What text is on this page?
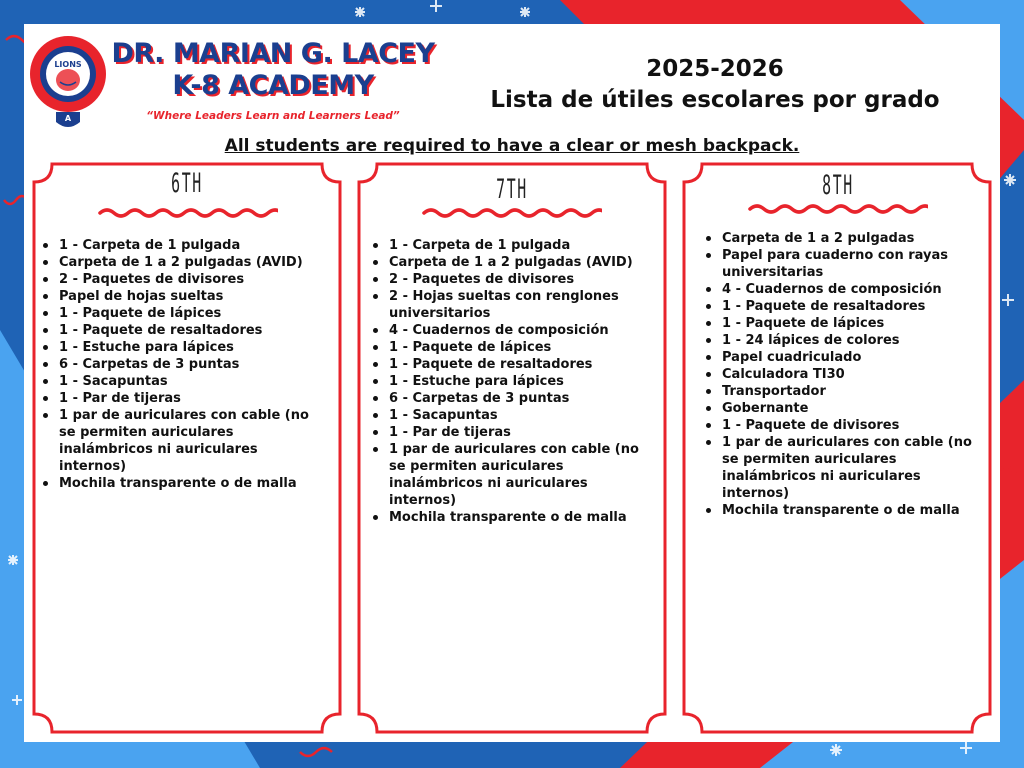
LIONS
A
DR. MARIAN G. LACEY
K-8 ACADEMY
“Where Leaders Learn and Learners Lead”
2025-2026
Lista de útiles escolares por grado
All students are required to have a clear or mesh backpack.
6TH	7TH	8TH
1 - Carpeta de 1 pulgada
Carpeta de 1 a 2 pulgadas (AVID)
2 - Paquetes de divisores
Papel de hojas sueltas
1 - Paquete de lápices
1 - Paquete de resaltadores
1 - Estuche para lápices
6 - Carpetas de 3 puntas
1 - Sacapuntas
1 - Par de tijeras
1 par de auriculares con cable (no se permiten auriculares inalámbricos ni auriculares internos)
Mochila transparente o de malla
1 - Carpeta de 1 pulgada
Carpeta de 1 a 2 pulgadas (AVID)
2 - Paquetes de divisores
2 - Hojas sueltas con renglones universitarios
4 - Cuadernos de composición
1 - Paquete de lápices
1 - Paquete de resaltadores
1 - Estuche para lápices
6 - Carpetas de 3 puntas
1 - Sacapuntas
1 - Par de tijeras
1 par de auriculares con cable (no se permiten auriculares inalámbricos ni auriculares internos)
Mochila transparente o de malla
Carpeta de 1 a 2 pulgadas
Papel para cuaderno con rayas universitarias
4 - Cuadernos de composición
1 - Paquete de resaltadores
1 - Paquete de lápices
1 - 24 lápices de colores
Papel cuadriculado
Calculadora TI30
Transportador
Gobernante
1 - Paquete de divisores
1 par de auriculares con cable (no se permiten auriculares inalámbricos ni auriculares internos)
Mochila transparente o de malla
